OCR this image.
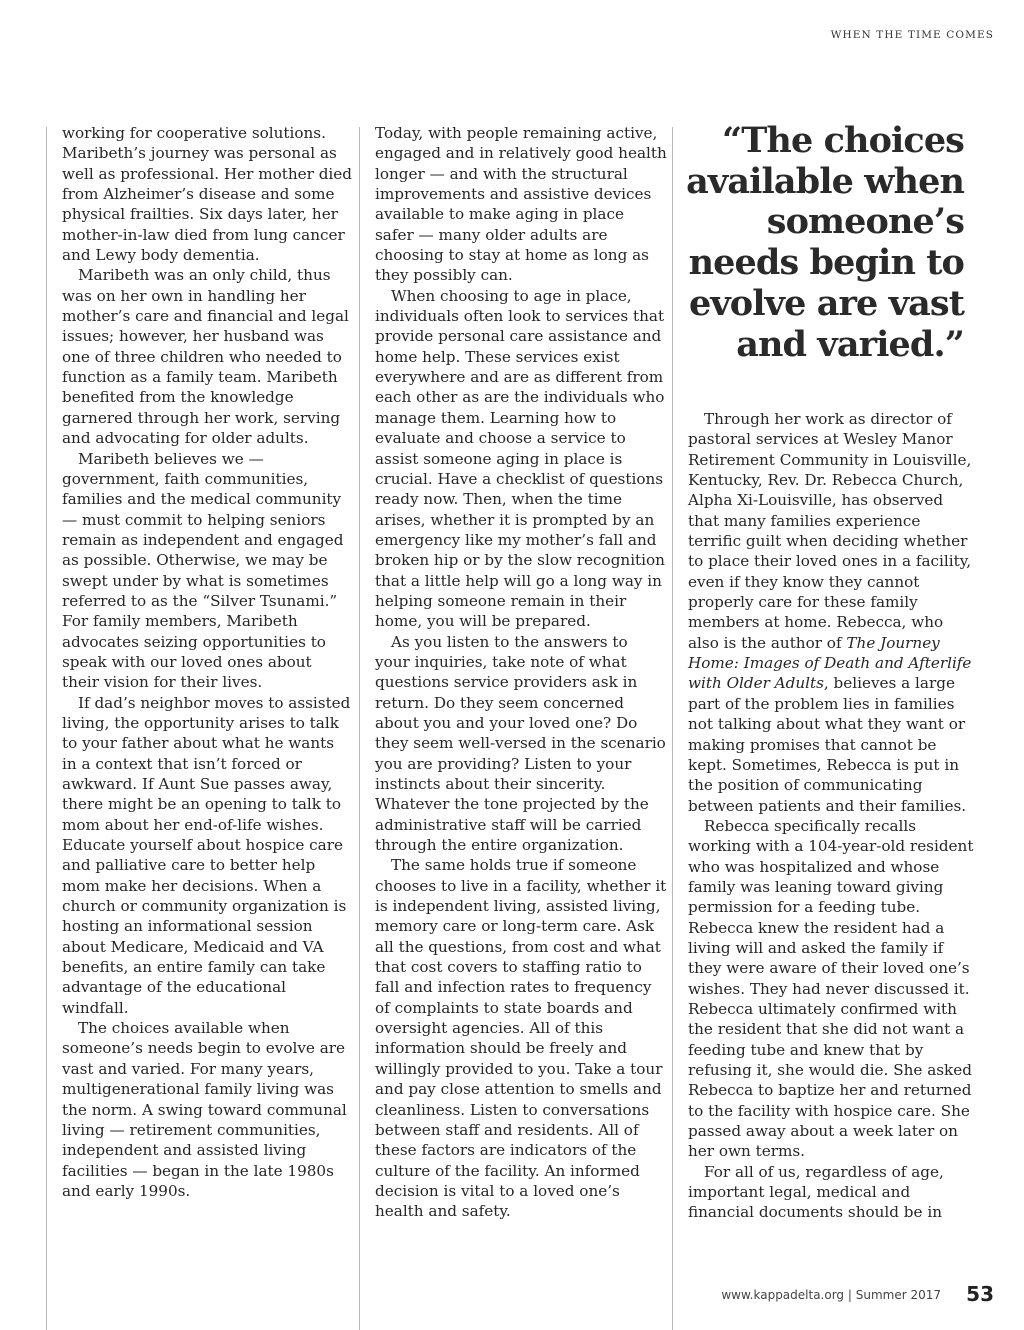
WHEN THE TIME COMES

working for cooperative solutions. Maribeth’s journey was personal as well as professional. Her mother died from Alzheimer’s disease and some physical frailties. Six days later, her mother-in-law died from lung cancer and Lewy body dementia.

Maribeth was an only child, thus was on her own in handling her mother’s care and financial and legal issues; however, her husband was one of three children who needed to function as a family team. Maribeth benefited from the knowledge garnered through her work, serving and advocating for older adults.

Maribeth believes we — government, faith communities, families and the medical community — must commit to helping seniors remain as independent and engaged as possible. Otherwise, we may be swept under by what is sometimes referred to as the “Silver Tsunami.” For family members, Maribeth advocates seizing opportunities to speak with our loved ones about their vision for their lives.

If dad’s neighbor moves to assisted living, the opportunity arises to talk to your father about what he wants in a context that isn’t forced or awkward. If Aunt Sue passes away, there might be an opening to talk to mom about her end-of-life wishes. Educate yourself about hospice care and palliative care to better help mom make her decisions. When a church or community organization is hosting an informational session about Medicare, Medicaid and VA benefits, an entire family can take advantage of the educational windfall.

The choices available when someone’s needs begin to evolve are vast and varied. For many years, multigenerational family living was the norm. A swing toward communal living — retirement communities, independent and assisted living facilities — began in the late 1980s and early 1990s.

Today, with people remaining active, engaged and in relatively good health longer — and with the structural improvements and assistive devices available to make aging in place safer — many older adults are choosing to stay at home as long as they possibly can.

When choosing to age in place, individuals often look to services that provide personal care assistance and home help. These services exist everywhere and are as different from each other as are the individuals who manage them. Learning how to evaluate and choose a service to assist someone aging in place is crucial. Have a checklist of questions ready now. Then, when the time arises, whether it is prompted by an emergency like my mother’s fall and broken hip or by the slow recognition that a little help will go a long way in helping someone remain in their home, you will be prepared.

As you listen to the answers to your inquiries, take note of what questions service providers ask in return. Do they seem concerned about you and your loved one? Do they seem well-versed in the scenario you are providing? Listen to your instincts about their sincerity. Whatever the tone projected by the administrative staff will be carried through the entire organization.

The same holds true if someone chooses to live in a facility, whether it is independent living, assisted living, memory care or long-term care. Ask all the questions, from cost and what that cost covers to staffing ratio to fall and infection rates to frequency of complaints to state boards and oversight agencies. All of this information should be freely and willingly provided to you. Take a tour and pay close attention to smells and cleanliness. Listen to conversations between staff and residents. All of these factors are indicators of the culture of the facility. An informed decision is vital to a loved one’s health and safety.

“The choices available when someone’s needs begin to evolve are vast and varied.”

Through her work as director of pastoral services at Wesley Manor Retirement Community in Louisville, Kentucky, Rev. Dr. Rebecca Church, Alpha Xi-Louisville, has observed that many families experience terrific guilt when deciding whether to place their loved ones in a facility, even if they know they cannot properly care for these family members at home. Rebecca, who also is the author of The Journey Home: Images of Death and Afterlife with Older Adults, believes a large part of the problem lies in families not talking about what they want or making promises that cannot be kept. Sometimes, Rebecca is put in the position of communicating between patients and their families.

Rebecca specifically recalls working with a 104-year-old resident who was hospitalized and whose family was leaning toward giving permission for a feeding tube. Rebecca knew the resident had a living will and asked the family if they were aware of their loved one’s wishes. They had never discussed it. Rebecca ultimately confirmed with the resident that she did not want a feeding tube and knew that by refusing it, she would die. She asked Rebecca to baptize her and returned to the facility with hospice care. She passed away about a week later on her own terms.

For all of us, regardless of age, important legal, medical and financial documents should be in

www.kappadelta.org | Summer 2017 53
